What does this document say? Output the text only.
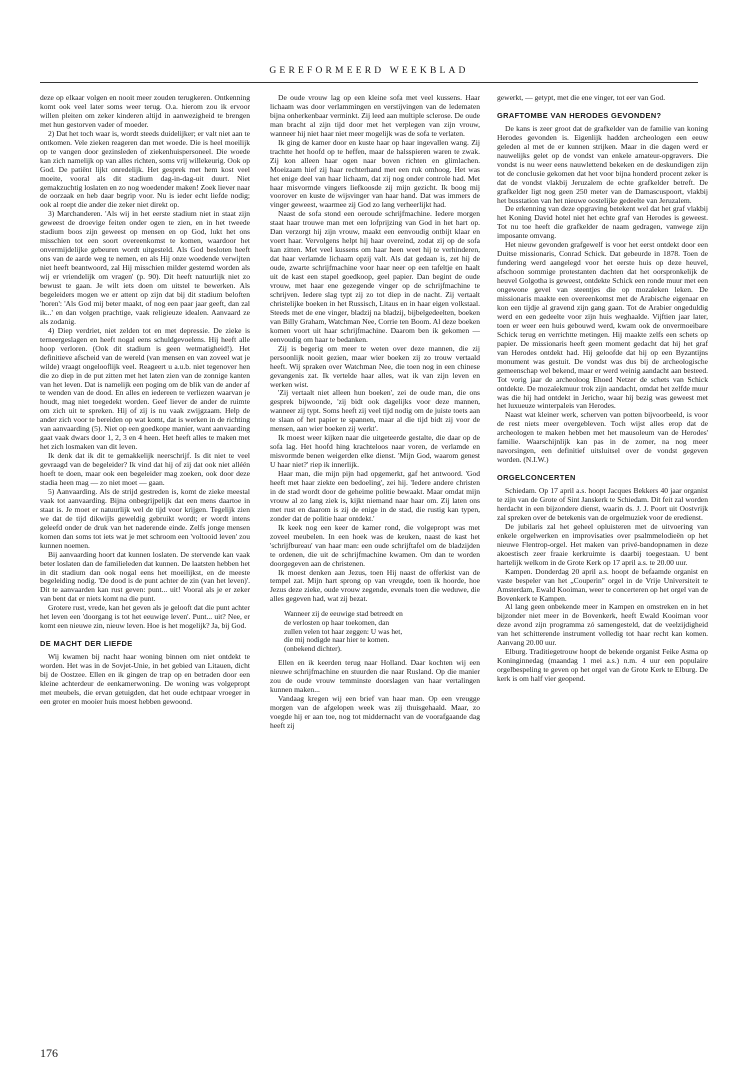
GEREFORMEERD WEEKBLAD

deze op elkaar volgen en nooit meer zouden terugkeren. Ontkenning komt ook veel later soms weer terug. O.a. hierom zou ik ervoor willen pleiten om zeker kinderen altijd in aanwezigheid te brengen met hun gestorven vader of moeder.

2) Dat het toch waar is, wordt steeds duidelijker; er valt niet aan te ontkomen. Vele zieken reageren dan met woede. Die is heel moeilijk op te vangen door gezinsleden of ziekenhuispersoneel. Die woede kan zich namelijk op van alles richten, soms vrij willekeurig. Ook op God. De patiënt lijkt onredelijk. Het gesprek met hem kost veel moeite, vooral als dit stadium dag-in-dag-uit duurt. Niet gemakzuchtig loslaten en zo nog woedender maken! Zoek liever naar de oorzaak en heb daar begrip voor. Nu is ieder echt liefde nodig; ook al roept die ander die zeker niet direkt op.

3) Marchanderen. 'Als wij in het eerste stadium niet in staat zijn geweest de droevige feiten onder ogen te zien, en in het tweede stadium boos zijn geweest op mensen en op God, lukt het ons misschien tot een soort overeenkomst te komen, waardoor het onvermijdelijke gebeuren wordt uitgesteld. Als God besloten heeft ons van de aarde weg te nemen, en als Hij onze woedende verwijten niet heeft beantwoord, zal Hij misschien milder gestemd worden als wij er vriendelijk om vragen' (p. 90). Dit heeft natuurlijk niet zo bewust te gaan. Je wilt iets doen om uitstel te bewerken. Als begeleiders mogen we er attent op zijn dat bij dit stadium beloften 'horen': 'Als God mij beter maakt, of nog een paar jaar geeft, dan zal ik...' en dan volgen prachtige, vaak religieuze idealen. Aanvaard ze als zodanig.

4) Diep verdriet, niet zelden tot en met depressie. De zieke is terneergeslagen en heeft nogal eens schuldgevoelens. Hij heeft alle hoop verloren. (Ook dit stadium is geen wetmatigheid!). Het definitieve afscheid van de wereld (van mensen en van zoveel wat je wilde) vraagt ongelooflijk veel. Reageert u a.u.b. niet tegenover hen die zo diep in de put zitten met het laten zien van de zonnige kanten van het leven. Dat is namelijk een poging om de blik van de ander af te wenden van de dood. En alles en iedereen te verliezen waarvan je houdt, mag niet toegedekt worden. Geef liever de ander de ruimte om zich uit te spreken. Hij of zij is nu vaak zwijgzaam. Help de ander zich voor te bereiden op wat komt, dat is werken in de richting van aanvaarding (5). Niet op een goedkope manier, want aanvaarding gaat vaak dwars door 1, 2, 3 en 4 heen. Het heeft alles te maken met het zich losmaken van dit leven.

Ik denk dat ik dit te gemakkelijk neerschrijf. Is dit niet te veel gevraagd van de begeleider? Ik vind dat hij of zij dat ook niet alléén hoeft te doen, maar ook een begeleider mag zoeken, ook door deze stadia heen mag — zo niet moet — gaan.

5) Aanvaarding. Als de strijd gestreden is, komt de zieke meestal vaak tot aanvaarding. Bijna onbegrijpelijk dat een mens daartoe in staat is. Je moet er natuurlijk wel de tijd voor krijgen. Tegelijk zien we dat de tijd dikwijls geweldig gebruikt wordt; er wordt intens geleefd onder de druk van het naderende einde. Zelfs jonge mensen komen dan soms tot iets wat je met schroom een 'voltooid leven' zou kunnen noemen.

Bij aanvaarding hoort dat kunnen loslaten. De stervende kan vaak beter loslaten dan de familieleden dat kunnen. De laatsten hebben het in dit stadium dan ook nogal eens het moeilijkst, en de meeste begeleiding nodig. 'De dood is de punt achter de zin (van het leven)'. Dit te aanvaarden kan rust geven: punt... uit! Vooral als je er zeker van bent dat er niets komt na die punt.

Grotere rust, vrede, kan het geven als je gelooft dat die punt achter het leven een 'doorgang is tot het eeuwige leven'. Punt... uit? Nee, er komt een nieuwe zin, nieuw leven. Hoe is het mogelijk? Ja, bij God.

DE MACHT DER LIEFDE

Wij kwamen bij nacht haar woning binnen om niet ontdekt te worden. Het was in de Sovjet-Unie, in het gebied van Litauen, dicht bij de Oostzee. Ellen en ik gingen de trap op en betraden door een kleine achterdeur de eenkamerwoning. De woning was volgepropt met meubels, die ervan getuigden, dat het oude echtpaar vroeger in een groter en mooier huis moest hebben gewoond.

De oude vrouw lag op een kleine sofa met veel kussens. Haar lichaam was door verlammingen en verstijvingen van de ledematen bijna onherkenbaar verminkt. Zij leed aan multiple sclerose. De oude man bracht al zijn tijd door met het verplegen van zijn vrouw, wanneer hij niet haar niet meer mogelijk was de sofa te verlaten.

Ik ging de kamer door en kuste haar op haar ingevallen wang. Zij trachtte het hoofd op te heffen, maar de halsspieren waren te zwak. Zij kon alleen haar ogen naar boven richten en glimlachen. Moeizaam hief zij haar rechterhand met een ruk omhoog. Het was het enige deel van haar lichaam, dat zij nog onder controle had. Met haar misvormde vingers liefkoosde zij mijn gezicht. Ik boog mij voorover en kuste de wijsvinger van haar hand. Dat was immers de vinger geweest, waarmee zij God zo lang verheerlijkt had.

Naast de sofa stond een oeroude schrijfmachine. Iedere morgen staat haar trouwe man met een lofprijzing van God in het hart op. Dan verzorgt hij zijn vrouw, maakt een eenvoudig ontbijt klaar en voert haar. Vervolgens helpt hij haar overeind, zodat zij op de sofa kan zitten. Met veel kussens om haar heen weet hij te verhinderen, dat haar verlamde lichaam opzij valt. Als dat gedaan is, zet hij de oude, zwarte schrijfmachine voor haar neer op een tafeltje en haalt uit de kast een stapel goedkoop, geel papier. Dan begint de oude vrouw, met haar ene gezegende vinger op de schrijfmachine te schrijven. Iedere slag typt zij zo tot diep in de nacht. Zij vertaalt christelijke boeken in het Russisch, Litaus en in haar eigen volkstaal. Steeds met de ene vinger, bladzij na bladzij, bijbelgedeelten, boeken van Billy Graham, Watchman Nee, Corrie ten Boom. Al deze boeken komen voort uit haar schrijfmachine. Daarom ben ik gekomen — eenvoudig om haar te bedanken.

Zij is begerig om meer te weten over deze mannen, die zij persoonlijk nooit gezien, maar wier boeken zij zo trouw vertaald heeft. Wij spraken over Watchman Nee, die toen nog in een chinese gevangenis zat. Ik vertelde haar alles, wat ik van zijn leven en werken wist.

'Zij vertaalt niet alleen hun boeken', zei de oude man, die ons gesprek bijwoonde, 'zij bidt ook dagelijks voor deze mannen, wanneer zij typt. Soms heeft zij veel tijd nodig om de juiste toets aan te slaan of het papier te spannen, maar al die tijd bidt zij voor de mensen, aan wier boeken zij werkt'.

Ik moest weer kijken naar die uitgeteerde gestalte, die daar op de sofa lag. Het hoofd hing krachteloos naar voren, de verlamde en misvormde benen weigerden elke dienst. 'Mijn God, waarom genest U haar niet?' riep ik innerlijk.

Haar man, die mijn pijn had opgemerkt, gaf het antwoord. 'God heeft met haar ziekte een bedoeling', zei hij. 'Iedere andere christen in de stad wordt door de geheime politie bewaakt. Maar omdat mijn vrouw al zo lang ziek is, kijkt niemand naar haar om. Zij laten ons met rust en daarom is zij de enige in de stad, die rustig kan typen, zonder dat de politie haar ontdekt.'

Ik keek nog een keer de kamer rond, die volgepropt was met zoveel meubelen. In een hoek was de keuken, naast de kast het 'schrijfbureau' van haar man: een oude schrijftafel om de bladzijden te ordenen, die uit de schrijfmachine kwamen. Om dan te worden doorgegeven aan de christenen.

Ik moest denken aan Jezus, toen Hij naast de offerkist van de tempel zat. Mijn hart sprong op van vreugde, toen ik hoorde, hoe Jezus deze zieke, oude vrouw zegende, evenals toen die weduwe, die alles gegeven had, wat zij bezat.

Wanneer zij de eeuwige stad betreedt en
de verlosten op haar toekomen, dan
zullen velen tot haar zeggen: U was het,
die mij nodigde naar hier te komen.
(onbekend dichter).

Ellen en ik keerden terug naar Holland. Daar kochten wij een nieuwe schrijfmachine en stuurden die naar Rusland. Op die manier zou de oude vrouw temminste doorslagen van haar vertalingen kunnen maken...

Vandaag kregen wij een brief van haar man. Op een vreugge morgen van de afgelopen week was zij thuisgehaald. Maar, zo voegde hij er aan toe, nog tot middernacht van de voorafgaande dag heeft zij

gewerkt, — getypt, met die ene vinger, tot eer van God.

GRAFTOMBE VAN HERODES GEVONDEN?

De kans is zeer groot dat de grafkelder van de familie van koning Herodes gevonden is. Eigenlijk hadden archeologen een eeuw geleden al met de er kunnen strijken. Maar in die dagen werd er nauwelijks gelet op de vondst van enkele amateur-opgravers. Die vondst is nu weer eens nauwlettend bekeken en de deskundigen zijn tot de conclusie gekomen dat het voor bijna honderd procent zeker is dat de vondst vlakbij Jeruzalem de echte grafkelder betreft. De grafkelder ligt nog geen 250 meter van de Damascuspoort, vlakbij het busstation van het nieuwe oostelijke gedeelte van Jeruzalem.

De erkenning van deze opgraving betekent wel dat het graf vlakbij het Koning David hotel niet het echte graf van Herodes is geweest. Tot nu toe heeft die grafkelder de naam gedragen, vanwege zijn imposante omvang.

Het nieuw gevonden grafgewelf is voor het eerst ontdekt door een Duitse missionaris, Conrad Schick. Dat gebeurde in 1878. Toen de fundering werd aangelegd voor het eerste huis op deze heuvel, afschoon sommige protestanten dachten dat het oorspronkelijk de heuvel Golgotha is geweest, ontdekte Schick een ronde muur met een ongewone gevel van steentjes die op mozaïeken leken. De missionaris maakte een overeenkomst met de Arabische eigenaar en kon een tijdje al gravend zijn gang gaan. Tot de Arabier ongeduldig werd en een gedeelte voor zijn huis weghaalde. Vijftien jaar later, toen er weer een huis gebouwd werd, kwam ook de onvermoeibare Schick terug en verrichtte metingen. Hij maakte zelfs een schets op papier. De missionaris heeft geen moment gedacht dat hij het graf van Herodes ontdekt had. Hij geloofde dat hij op een Byzantijns monument was gestuit. De vondst was dus bij de archeologische gemeenschap wel bekend, maar er werd weinig aandacht aan besteed. Tot vorig jaar de archeoloog Ehoed Netzer de schets van Schick ontdekte. De mozaïekmuur trok zijn aandacht, omdat het zelfde muur was die hij had ontdekt in Jericho, waar hij bezig was geweest met het luxueuze winterpaleis van Herodes.

Naast wat kleiner werk, scherven van potten bijvoorbeeld, is voor de rest niets meer overgebleven. Toch wijst alles erop dat de archeologen te maken hebben met het mausoleum van de Herodes' familie. Waarschijnlijk kan pas in de zomer, na nog meer navorsingen, een definitief uitsluitsel over de vondst gegeven worden. (N.I.W.)

ORGELCONCERTEN

Schiedam. Op 17 april a.s. hoopt Jacques Bekkers 40 jaar organist te zijn van de Grote of Sint Janskerk te Schiedam. Dit feit zal worden herdacht in een bijzondere dienst, waarin ds. J. J. Poort uit Oostvrijk zal spreken over de betekenis van de orgelmuziek voor de eredienst.

De jubilaris zal het geheel opluisteren met de uitvoering van enkele orgelwerken en improvisaties over psalmmelodieën op het nieuwe Flentrop-orgel. Het maken van privé-bandopnamen in deze akoestisch zeer fraaie kerkruimte is daarbij toegestaan. U bent hartelijk welkom in de Grote Kerk op 17 april a.s. te 20.00 uur.

Kampen. Donderdag 20 april a.s. hoopt de befaamde organist en vaste bespeler van het „Couperin" orgel in de Vrije Universiteit te Amsterdam, Ewald Kooiman, weer te concerteren op het orgel van de Bovenkerk te Kampen.

Al lang geen onbekende meer in Kampen en omstreken en in het bijzonder niet meer in de Bovenkerk, heeft Ewald Kooiman voor deze avond zijn programma zó samengesteld, dat de veelzijdigheid van het schitterende instrument volledig tot haar recht kan komen. Aanvang 20.00 uur.

Elburg. Traditiegetrouw hoopt de bekende organist Feike Asma op Koninginnedag (maandag 1 mei a.s.) n.m. 4 uur een populaire orgelbespeling te geven op het orgel van de Grote Kerk te Elburg. De kerk is om half vier geopend.

176
